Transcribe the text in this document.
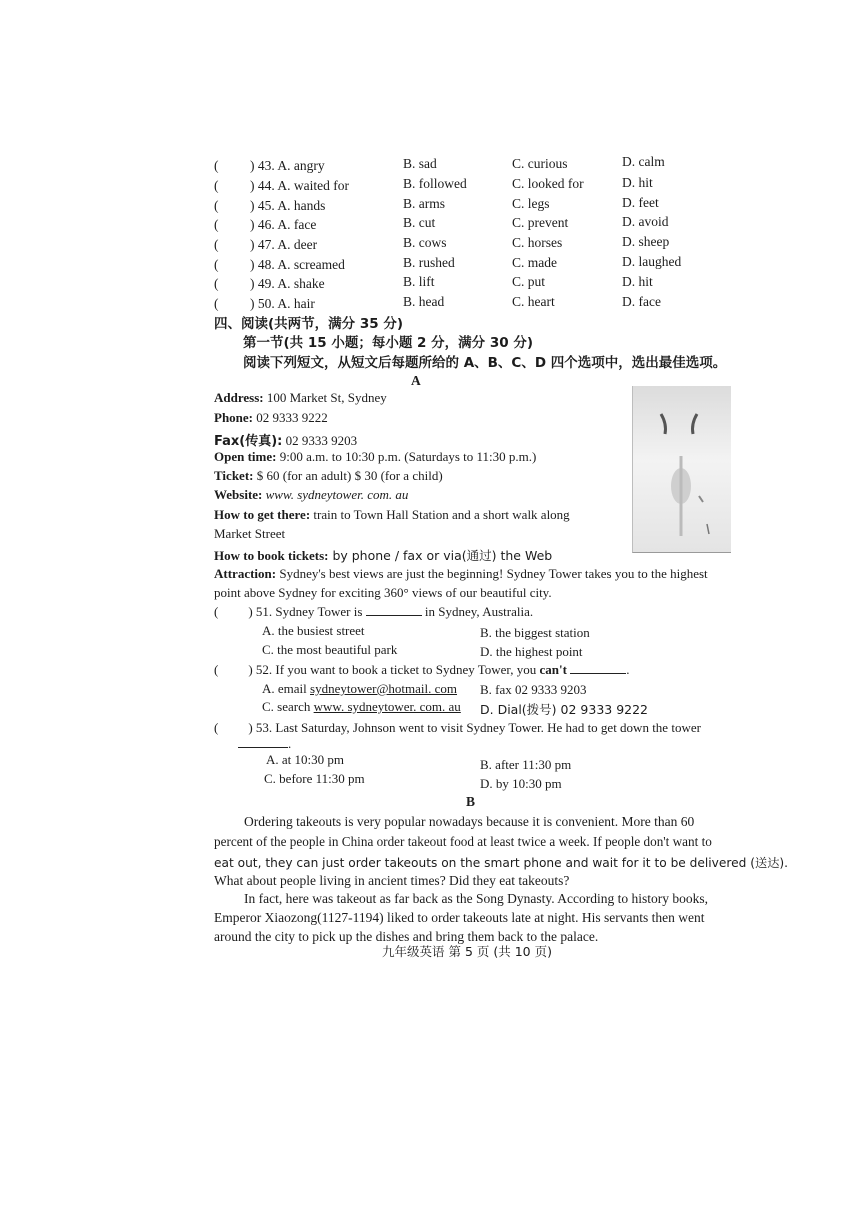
( ) 43. A. angry	B. sad	C. curious	D. calm
( ) 44. A. waited for	B. followed	C. looked for	D. hit
( ) 45. A. hands	B. arms	C. legs	D. feet
( ) 46. A. face	B. cut	C. prevent	D. avoid
( ) 47. A. deer	B. cows	C. horses	D. sheep
( ) 48. A. screamed	B. rushed	C. made	D. laughed
( ) 49. A. shake	B. lift	C. put	D. hit
( ) 50. A. hair	B. head	C. heart	D. face
四、阅读(共两节，满分 35 分)
第一节(共 15 小题；每小题 2 分，满分 30 分)
阅读下列短文，从短文后每题所给的 A、B、C、D 四个选项中，选出最佳选项。
A
Address: 100 Market St, Sydney
Phone: 02 9333 9222
Fax(传真): 02 9333 9203
Open time: 9:00 a.m. to 10:30 p.m. (Saturdays to 11:30 p.m.)
Ticket: $ 60 (for an adult) $ 30 (for a child)
Website: www. sydneytower. com. au
How to get there: train to Town Hall Station and a short walk along
Market Street
How to book tickets: by phone / fax or via(通过) the Web
Attraction: Sydney's best views are just the beginning! Sydney Tower takes you to the highest
point above Sydney for exciting 360° views of our beautiful city.
( ) 51. Sydney Tower is	in Sydney, Australia.
A. the busiest street	B. the biggest station
C. the most beautiful park	D. the highest point
( ) 52. If you want to book a ticket to Sydney Tower, you can't	.
A. email sydneytower@hotmail. com B. fax 02 9333 9203
C. search www. sydneytower. com. au D. Dial(拨号) 02 9333 9222
( ) 53. Last Saturday, Johnson went to visit Sydney Tower. He had to get down the tower
.
A. at 10:30 pm	B. after 11:30 pm
C. before 11:30 pm	D. by 10:30 pm
B
Ordering takeouts is very popular nowadays because it is convenient. More than 60
percent of the people in China order takeout food at least twice a week. If people don't want to
eat out, they can just order takeouts on the smart phone and wait for it to be delivered (送达).
What about people living in ancient times? Did they eat takeouts?
In fact, here was takeout as far back as the Song Dynasty. According to history books,
Emperor Xiaozong(1127-1194) liked to order takeouts late at night. His servants then went
around the city to pick up the dishes and bring them back to the palace.
九年级英语 第 5 页 (共 10 页)
